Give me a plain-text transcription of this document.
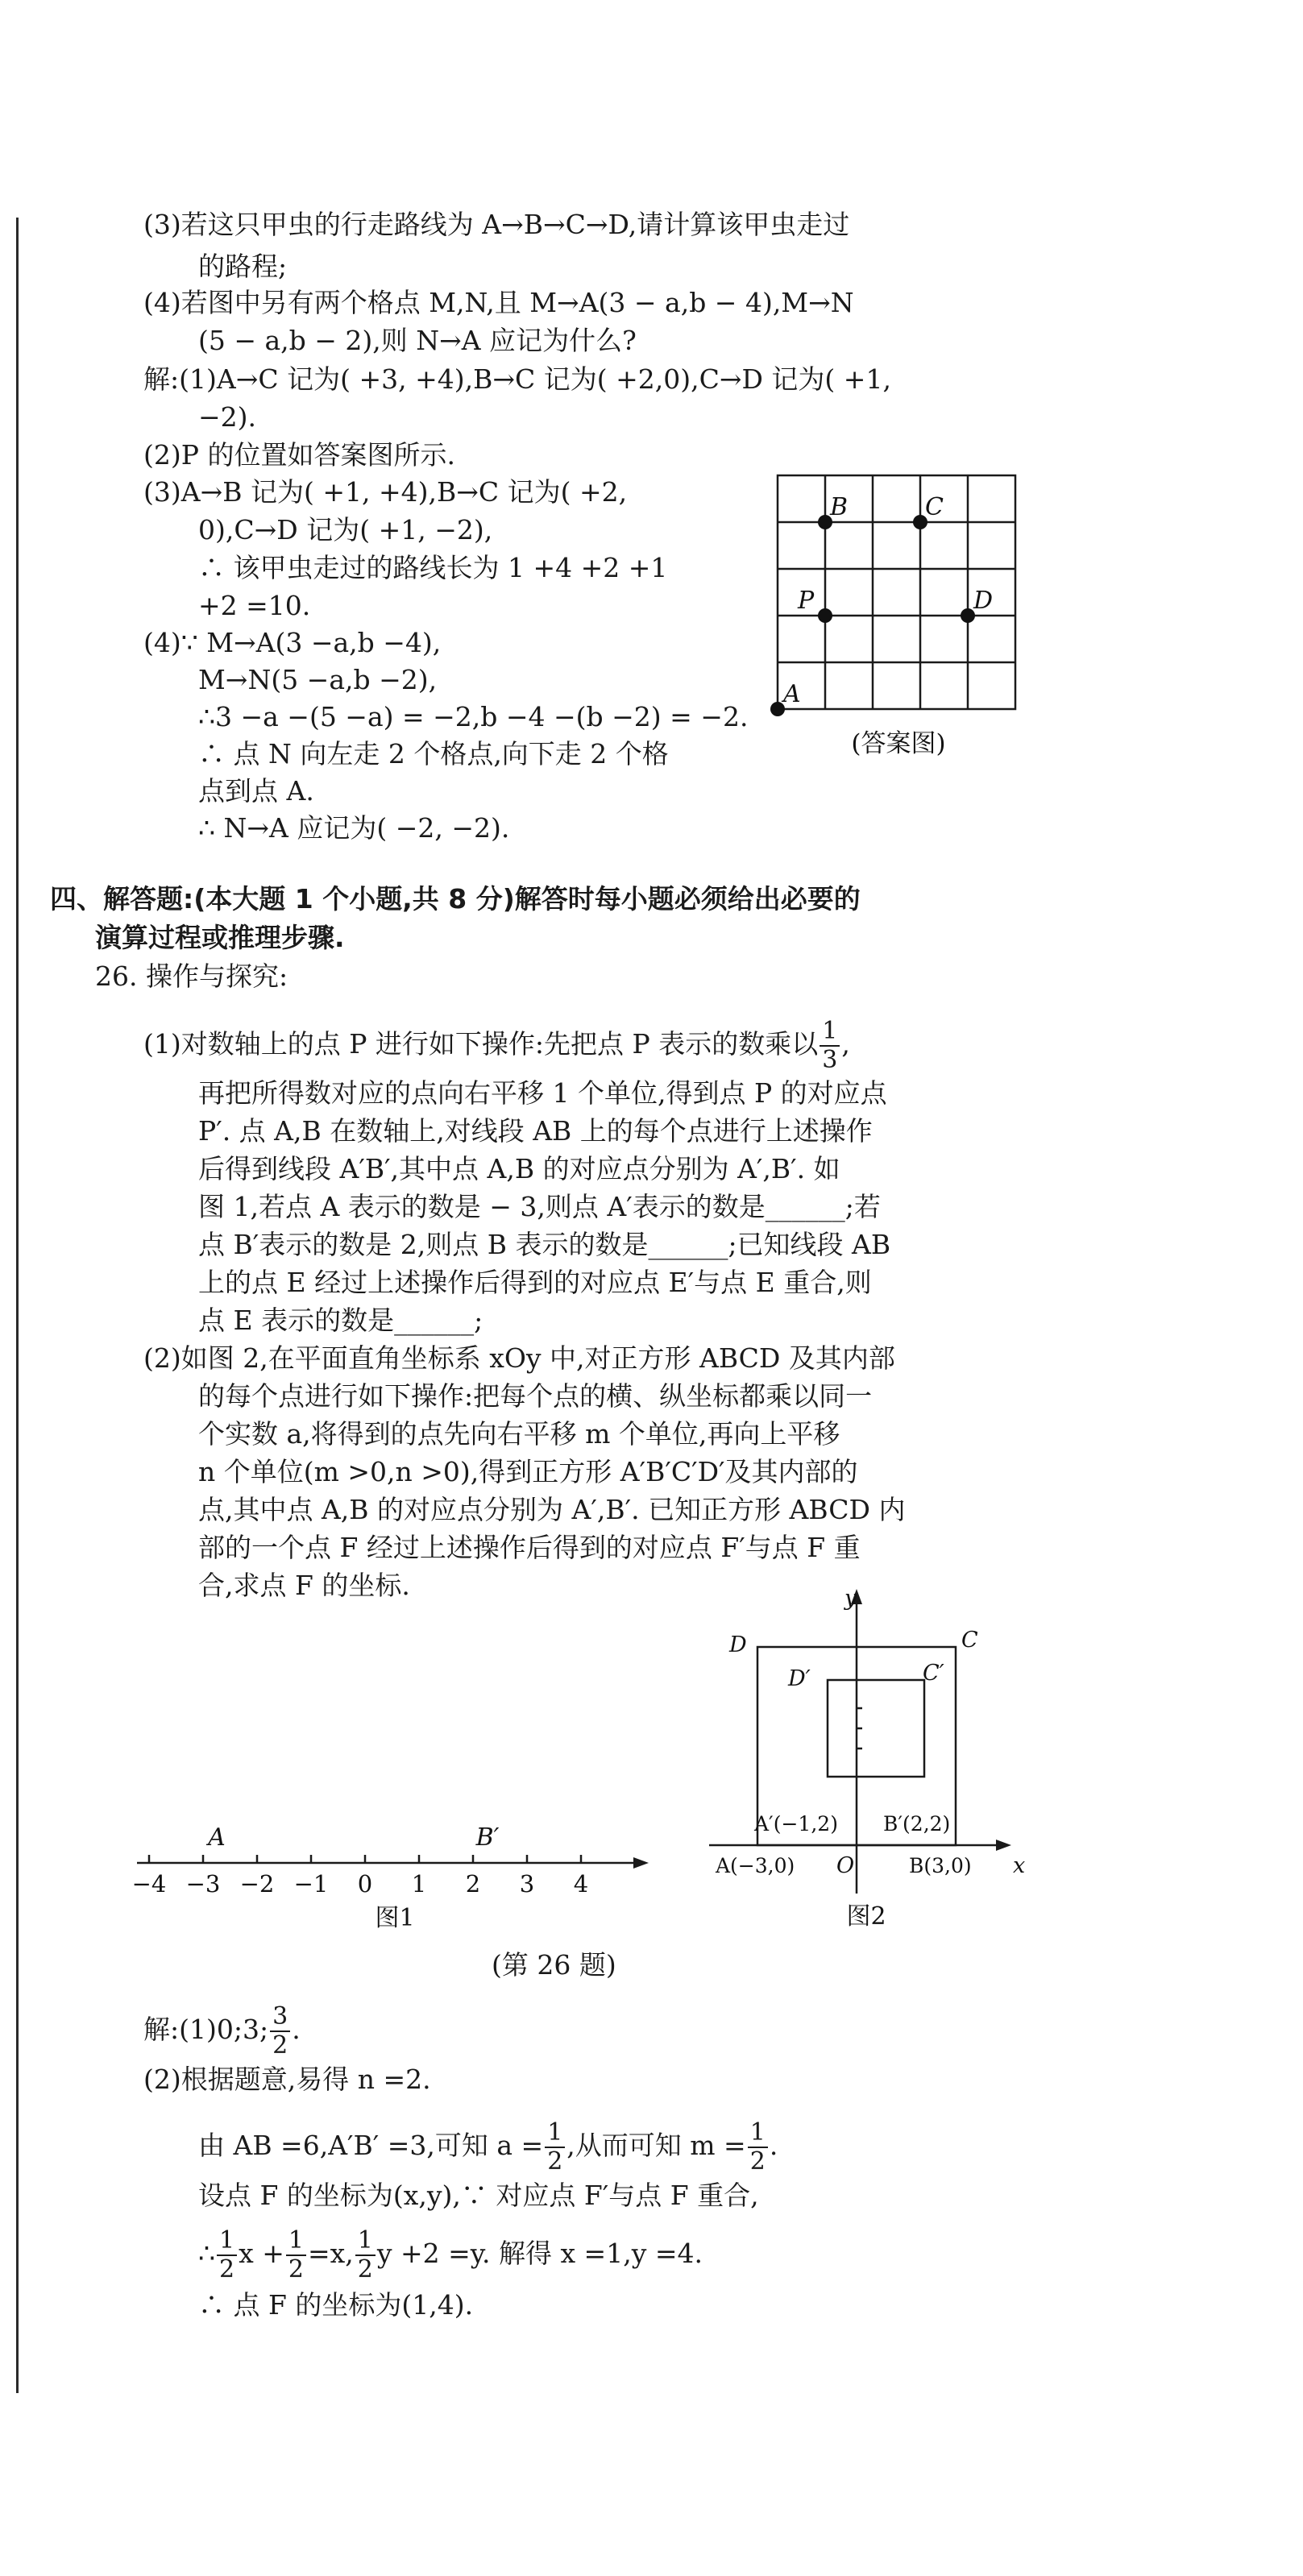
(3)若这只甲虫的行走路线为 A→B→C→D,请计算该甲虫走过
的路程;
(4)若图中另有两个格点 M,N,且 M→A(3 − a,b − 4),M→N
(5 − a,b − 2),则 N→A 应记为什么?
解:(1)A→C 记为( +3, +4),B→C 记为( +2,0),C→D 记为( +1,
−2).
(2)P 的位置如答案图所示.
(3)A→B 记为( +1, +4),B→C 记为( +2,
0),C→D 记为( +1, −2),
∴ 该甲虫走过的路线长为 1 +4 +2 +1
+2 =10.
(4)∵ M→A(3 −a,b −4),
M→N(5 −a,b −2),
∴3 −a −(5 −a) = −2,b −4 −(b −2) = −2.
∴ 点 N 向左走 2 个格点,向下走 2 个格
点到点 A.
∴ N→A 应记为( −2, −2).
B	C
P	D
A
(答案图)
四、解答题:(本大题 1 个小题,共 8 分)解答时每小题必须给出必要的
演算过程或推理步骤.
26. 操作与探究:
(1)对数轴上的点 P 进行如下操作:先把点 P 表示的数乘以 $\frac{1}{3}$ ,
再把所得数对应的点向右平移 1 个单位,得到点 P 的对应点
P′. 点 A,B 在数轴上,对线段 AB 上的每个点进行上述操作
后得到线段 A′B′,其中点 A,B 的对应点分别为 A′,B′. 如
图 1,若点 A 表示的数是 − 3,则点 A′表示的数是______;若
点 B′表示的数是 2,则点 B 表示的数是______;已知线段 AB
上的点 E 经过上述操作后得到的对应点 E′与点 E 重合,则
点 E 表示的数是______;
(2)如图 2,在平面直角坐标系 xOy 中,对正方形 ABCD 及其内部
的每个点进行如下操作:把每个点的横、纵坐标都乘以同一
个实数 a,将得到的点先向右平移 m 个单位,再向上平移
n 个单位(m >0,n >0),得到正方形 A′B′C′D′及其内部的
点,其中点 A,B 的对应点分别为 A′,B′. 已知正方形 ABCD 内
部的一个点 F 经过上述操作后得到的对应点 F′与点 F 重
合,求点 F 的坐标.
−4 −3 −2 −1 0 1 2 3 4
A	B′
图1
y
x
O
D	C
D′	C′
A′(−1,2) B′(2,2)
A(−3,0)	B(3,0)
图2
(第 26 题)
解:(1)0;3; $\frac{3}{2}$ .
(2)根据题意,易得 n =2.
由 AB =6,A′B′ =3,可知 $a = \frac{1}{2}$ ,从而可知 $m = \frac{1}{2}$ .
设点 F 的坐标为(x,y),∵ 对应点 F′与点 F 重合,
∴ $\frac{1}{2}$ $x + \frac{1}{2} =x$, $\frac{1}{2}$ y +2 =y. 解得 x =1,y =4.
∴ 点 F 的坐标为(1,4).
